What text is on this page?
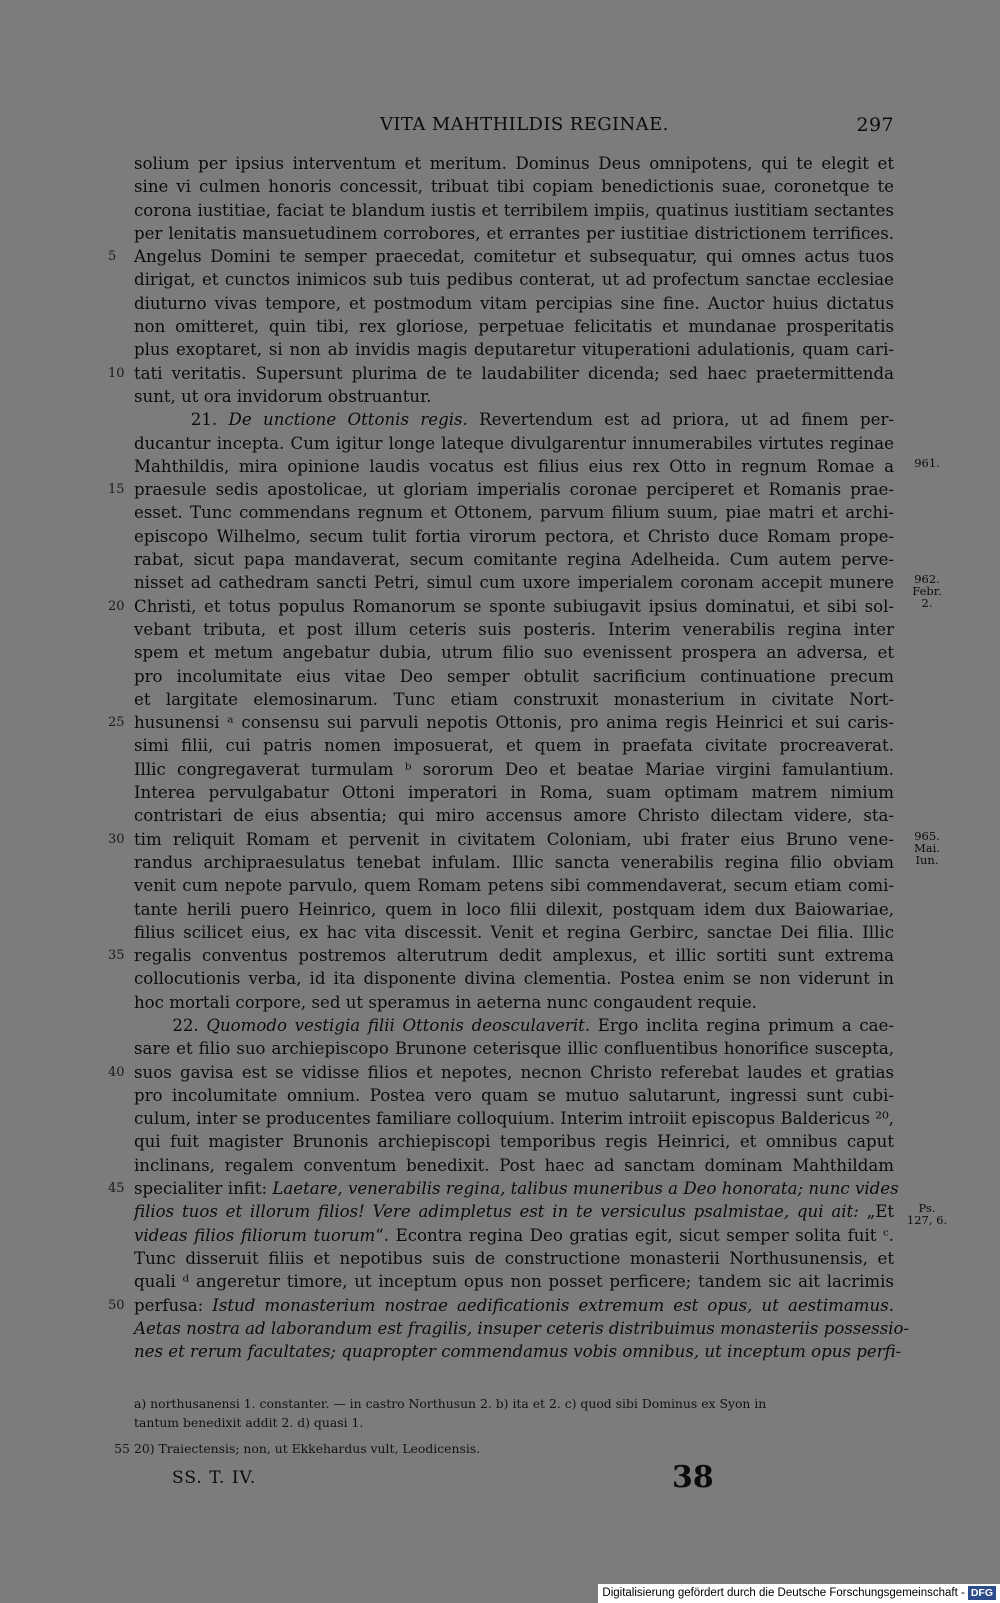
VITA MAHTHILDIS REGINAE.	297
solium per ipsius interventum et meritum. Dominus Deus omnipotens, qui te elegit et
sine vi culmen honoris concessit, tribuat tibi copiam benedictionis suae, coronetque te
corona iustitiae, faciat te blandum iustis et terribilem impiis, quatinus iustitiam sectantes
per lenitatis mansuetudinem corrobores, et errantes per iustitiae districtionem terrifices.
5	Angelus Domini te semper praecedat, comitetur et subsequatur, qui omnes actus tuos
dirigat, et cunctos inimicos sub tuis pedibus conterat, ut ad profectum sanctae ecclesiae
diuturno vivas tempore, et postmodum vitam percipias sine fine. Auctor huius dictatus
non omitteret, quin tibi, rex gloriose, perpetuae felicitatis et mundanae prosperitatis
plus exoptaret, si non ab invidis magis deputaretur vituperationi adulationis, quam cari-
10 tati veritatis. Supersunt plurima de te laudabiliter dicenda; sed haec praetermittenda
sunt, ut ora invidorum obstruantur.
21. De unctione Ottonis regis. Revertendum est ad priora, ut ad finem per-
ducantur incepta. Cum igitur longe lateque divulgarentur innumerabiles virtutes reginae
Mahthildis, mira opinione laudis vocatus est filius eius rex Otto in regnum Romae a	961.
15 praesule sedis apostolicae, ut gloriam imperialis coronae perciperet et Romanis prae-
esset. Tunc commendans regnum et Ottonem, parvum filium suum, piae matri et archi-
episcopo Wilhelmo, secum tulit fortia virorum pectora, et Christo duce Romam prope-
rabat, sicut papa mandaverat, secum comitante regina Adelheida. Cum autem perve-
nisset ad cathedram sancti Petri, simul cum uxore imperialem coronam accepit munere	962. Febr. 2.
20 Christi, et totus populus Romanorum se sponte subiugavit ipsius dominatui, et sibi sol-
vebant tributa, et post illum ceteris suis posteris. Interim venerabilis regina inter
spem et metum angebatur dubia, utrum filio suo evenissent prospera an adversa, et
pro incolumitate eius vitae Deo semper obtulit sacrificium continuatione precum
et largitate elemosinarum. Tunc etiam construxit monasterium in civitate Nort-
25 husunensi ᵃ consensu sui parvuli nepotis Ottonis, pro anima regis Heinrici et sui caris-
simi filii, cui patris nomen imposuerat, et quem in praefata civitate procreaverat.
Illic congregaverat turmulam ᵇ sororum Deo et beatae Mariae virgini famulantium.
Interea pervulgabatur Ottoni imperatori in Roma, suam optimam matrem nimium
contristari de eius absentia; qui miro accensus amore Christo dilectam videre, sta-
30 tim reliquit Romam et pervenit in civitatem Coloniam, ubi frater eius Bruno vene-	965. Mai. Iun.
randus archipraesulatus tenebat infulam. Illic sancta venerabilis regina filio obviam
venit cum nepote parvulo, quem Romam petens sibi commendaverat, secum etiam comi-
tante herili puero Heinrico, quem in loco filii dilexit, postquam idem dux Baiowariae,
filius scilicet eius, ex hac vita discessit. Venit et regina Gerbirc, sanctae Dei filia. Illic
35 regalis conventus postremos alterutrum dedit amplexus, et illic sortiti sunt extrema
collocutionis verba, id ita disponente divina clementia. Postea enim se non viderunt in
hoc mortali corpore, sed ut speramus in aeterna nunc congaudent requie.
22. Quomodo vestigia filii Ottonis deosculaverit. Ergo inclita regina primum a cae-
sare et filio suo archiepiscopo Brunone ceterisque illic confluentibus honorifice suscepta,
40 suos gavisa est se vidisse filios et nepotes, necnon Christo referebat laudes et gratias
pro incolumitate omnium. Postea vero quam se mutuo salutarunt, ingressi sunt cubi-
culum, inter se producentes familiare colloquium. Interim introiit episcopus Baldericus ²⁰,
qui fuit magister Brunonis archiepiscopi temporibus regis Heinrici, et omnibus caput
inclinans, regalem conventum benedixit. Post haec ad sanctam dominam Mahthildam
45 specialiter infit: Laetare, venerabilis regina, talibus muneribus a Deo honorata; nunc vides
filios tuos et illorum filios! Vere adimpletus est in te versiculus psalmistae, qui ait: „Et	Ps. 127, 6.
videas filios filiorum tuorum“. Econtra regina Deo gratias egit, sicut semper solita fuit ᶜ.
Tunc disseruit filiis et nepotibus suis de constructione monasterii Northusunensis, et
quali ᵈ angeretur timore, ut inceptum opus non posset perficere; tandem sic ait lacrimis
50 perfusa: Istud monasterium nostrae aedificationis extremum est opus, ut aestimamus.
Aetas nostra ad laborandum est fragilis, insuper ceteris distribuimus monasteriis possessio-
nes et rerum facultates; quapropter commendamus vobis omnibus, ut inceptum opus perfi-
a) northusanensi 1. constanter. — in castro Northusun 2. b) ita et 2. c) quod sibi Dominus ex Syon in
tantum benedixit addit 2. d) quasi 1.
55 20) Traiectensis; non, ut Ekkehardus vult, Leodicensis.
SS. T. IV.	38
Digitalisierung gefördert durch die Deutsche Forschungsgemeinschaft - DFG
